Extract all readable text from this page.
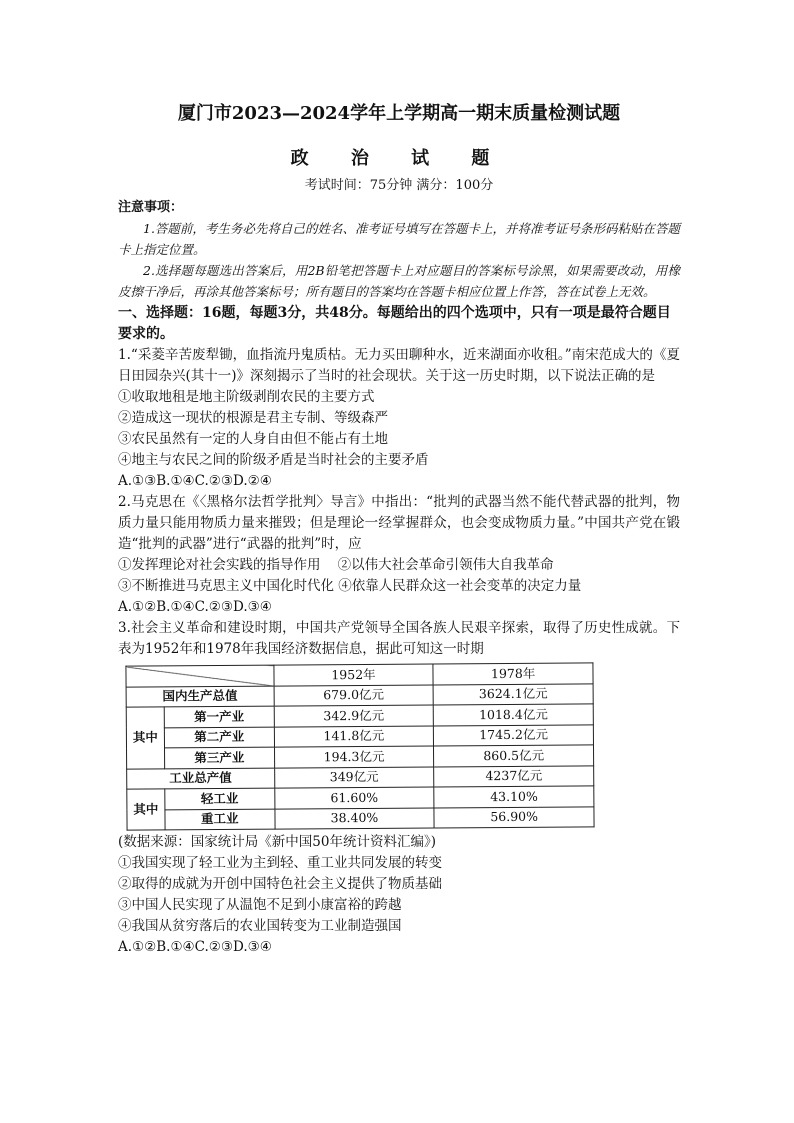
厦门市2023—2024学年上学期高一期末质量检测试题
政 治 试 题
考试时间：75分钟 满分：100分
注意事项：
1.答题前，考生务必先将自己的姓名、准考证号填写在答题卡上，并将准考证号条形码粘贴在答题卡上指定位置。
2.选择题每题选出答案后，用2B铅笔把答题卡上对应题目的答案标号涂黑，如果需要改动，用橡皮擦干净后，再涂其他答案标号；所有题目的答案均在答题卡相应位置上作答，答在试卷上无效。
一、选择题：16题，每题3分，共48分。每题给出的四个选项中，只有一项是最符合题目要求的。
1.“采菱辛苦废犁锄，血指流丹鬼质枯。无力买田聊种水，近来湖面亦收租。”南宋范成大的《夏日田园杂兴(其十一)》深刻揭示了当时的社会现状。关于这一历史时期，以下说法正确的是
①收取地租是地主阶级剥削农民的主要方式
②造成这一现状的根源是君主专制、等级森严
③农民虽然有一定的人身自由但不能占有土地
④地主与农民之间的阶级矛盾是当时社会的主要矛盾
A.①③B.①④C.②③D.②④
2.马克思在《〈黑格尔法哲学批判〉导言》中指出：“批判的武器当然不能代替武器的批判，物质力量只能用物质力量来摧毁；但是理论一经掌握群众，也会变成物质力量。”中国共产党在锻造“批判的武器”进行“武器的批判”时，应
①发挥理论对社会实践的指导作用    ②以伟大社会革命引领伟大自我革命
③不断推进马克思主义中国化时代化 ④依靠人民群众这一社会变革的决定力量
A.①②B.①④C.②③D.③④
3.社会主义革命和建设时期，中国共产党领导全国各族人民艰辛探索，取得了历史性成就。下表为1952年和1978年我国经济数据信息，据此可知这一时期
		1952年	1978年
国内生产总值		679.0亿元	3624.1亿元
其中	第一产业	342.9亿元	1018.4亿元
	第二产业	141.8亿元	1745.2亿元
	第三产业	194.3亿元	860.5亿元
工业总产值		349亿元	4237亿元
其中	轻工业	61.60%	43.10%
	重工业	38.40%	56.90%
(数据来源：国家统计局《新中国50年统计资料汇编》)
①我国实现了轻工业为主到轻、重工业共同发展的转变
②取得的成就为开创中国特色社会主义提供了物质基础
③中国人民实现了从温饱不足到小康富裕的跨越
④我国从贫穷落后的农业国转变为工业制造强国
A.①②B.①④C.②③D.③④
